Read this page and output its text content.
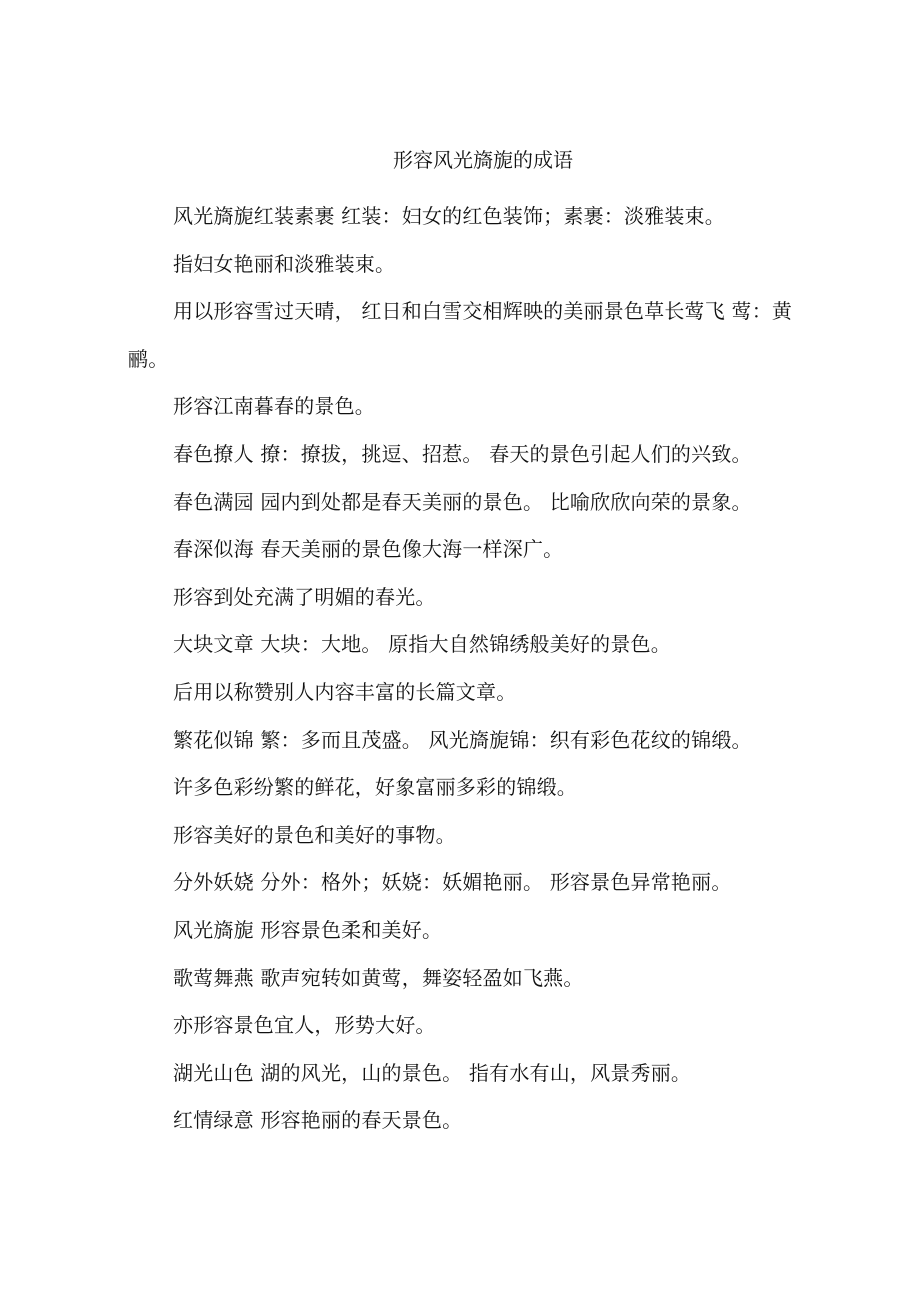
形容风光旖旎的成语

风光旖旎红装素裹 红装：妇女的红色装饰；素裹：淡雅装束。

指妇女艳丽和淡雅装束。

用以形容雪过天晴， 红日和白雪交相辉映的美丽景色草长莺飞 莺：黄鹂。

形容江南暮春的景色。

春色撩人 撩：撩拔，挑逗、招惹。 春天的景色引起人们的兴致。

春色满园 园内到处都是春天美丽的景色。 比喻欣欣向荣的景象。

春深似海 春天美丽的景色像大海一样深广。

形容到处充满了明媚的春光。

大块文章 大块：大地。 原指大自然锦绣般美好的景色。

后用以称赞别人内容丰富的长篇文章。

繁花似锦 繁：多而且茂盛。 风光旖旎锦：织有彩色花纹的锦缎。

许多色彩纷繁的鲜花，好象富丽多彩的锦缎。

形容美好的景色和美好的事物。

分外妖娆 分外：格外；妖娆：妖媚艳丽。 形容景色异常艳丽。

风光旖旎 形容景色柔和美好。

歌莺舞燕 歌声宛转如黄莺，舞姿轻盈如飞燕。

亦形容景色宜人，形势大好。

湖光山色 湖的风光，山的景色。 指有水有山，风景秀丽。

红情绿意 形容艳丽的春天景色。
